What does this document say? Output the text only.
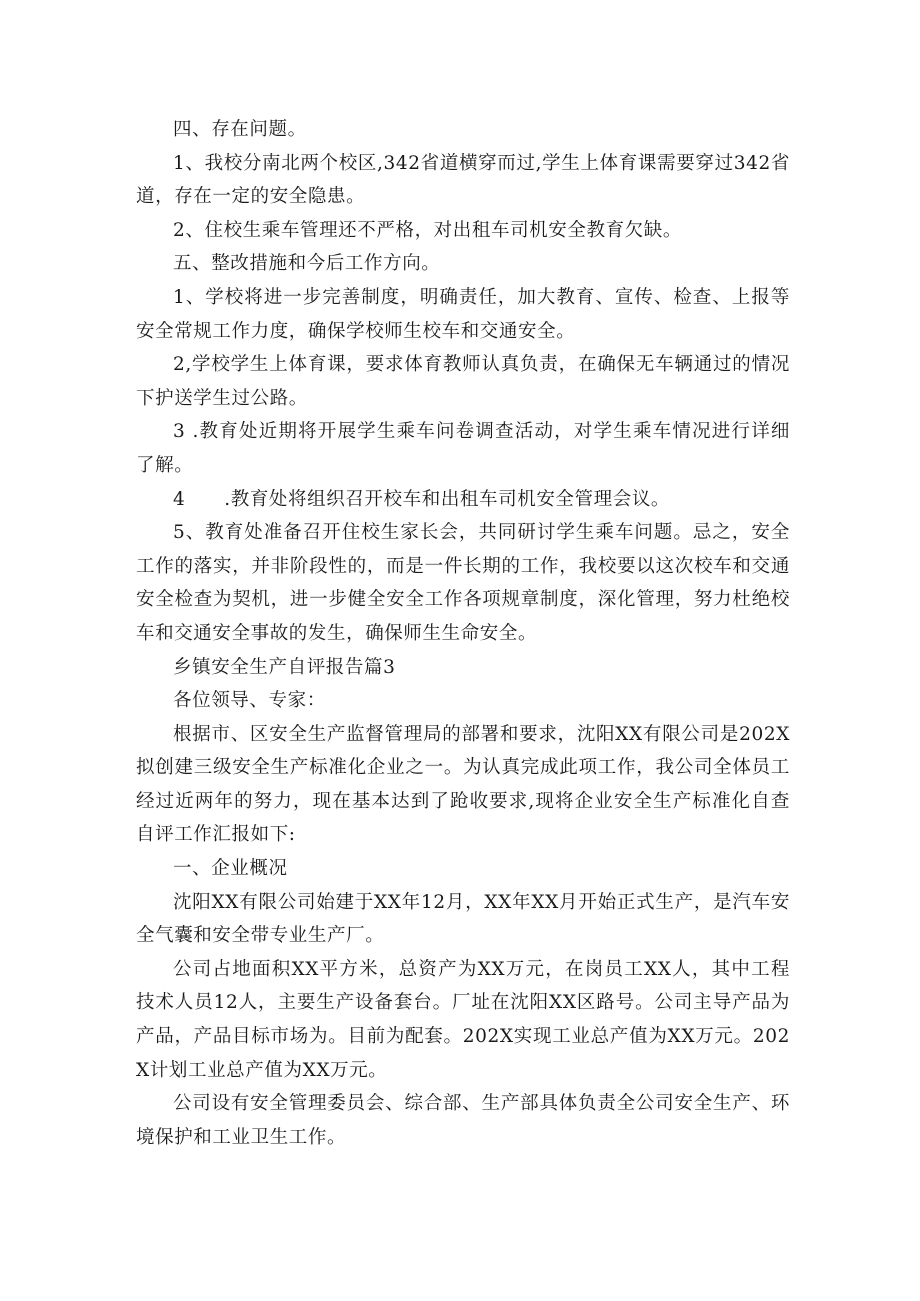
四、存在问题。

1、我校分南北两个校区,342省道横穿而过,学生上体育课需要穿过342省道，存在一定的安全隐患。

2、住校生乘车管理还不严格，对出租车司机安全教育欠缺。

五、整改措施和今后工作方向。

1、学校将进一步完善制度，明确责任，加大教育、宣传、检查、上报等安全常规工作力度，确保学校师生校车和交通安全。

2,学校学生上体育课，要求体育教师认真负责，在确保无车辆通过的情况下护送学生过公路。

3 .教育处近期将开展学生乘车问卷调查活动，对学生乘车情况进行详细了解。

4      .教育处将组织召开校车和出租车司机安全管理会议。

5、教育处准备召开住校生家长会，共同研讨学生乘车问题。忌之，安全工作的落实，并非阶段性的，而是一件长期的工作，我校要以这次校车和交通安全检查为契机，进一步健全安全工作各项规章制度，深化管理，努力杜绝校车和交通安全事故的发生，确保师生生命安全。

乡镇安全生产自评报告篇3

各位领导、专家：

根据市、区安全生产监督管理局的部署和要求，沈阳XX有限公司是202X拟创建三级安全生产标准化企业之一。为认真完成此项工作，我公司全体员工经过近两年的努力，现在基本达到了跄收要求,现将企业安全生产标准化自查自评工作汇报如下:

一、企业概况

沈阳XX有限公司始建于XX年12月，XX年XX月开始正式生产，是汽车安全气囊和安全带专业生产厂。

公司占地面积XX平方米，总资产为XX万元，在岗员工XX人，其中工程技术人员12人，主要生产设备套台。厂址在沈阳XX区路号。公司主导产品为产品，产品目标市场为。目前为配套。202X实现工业总产值为XX万元。202X计划工业总产值为XX万元。

公司设有安全管理委员会、综合部、生产部具体负责全公司安全生产、环境保护和工业卫生工作。
